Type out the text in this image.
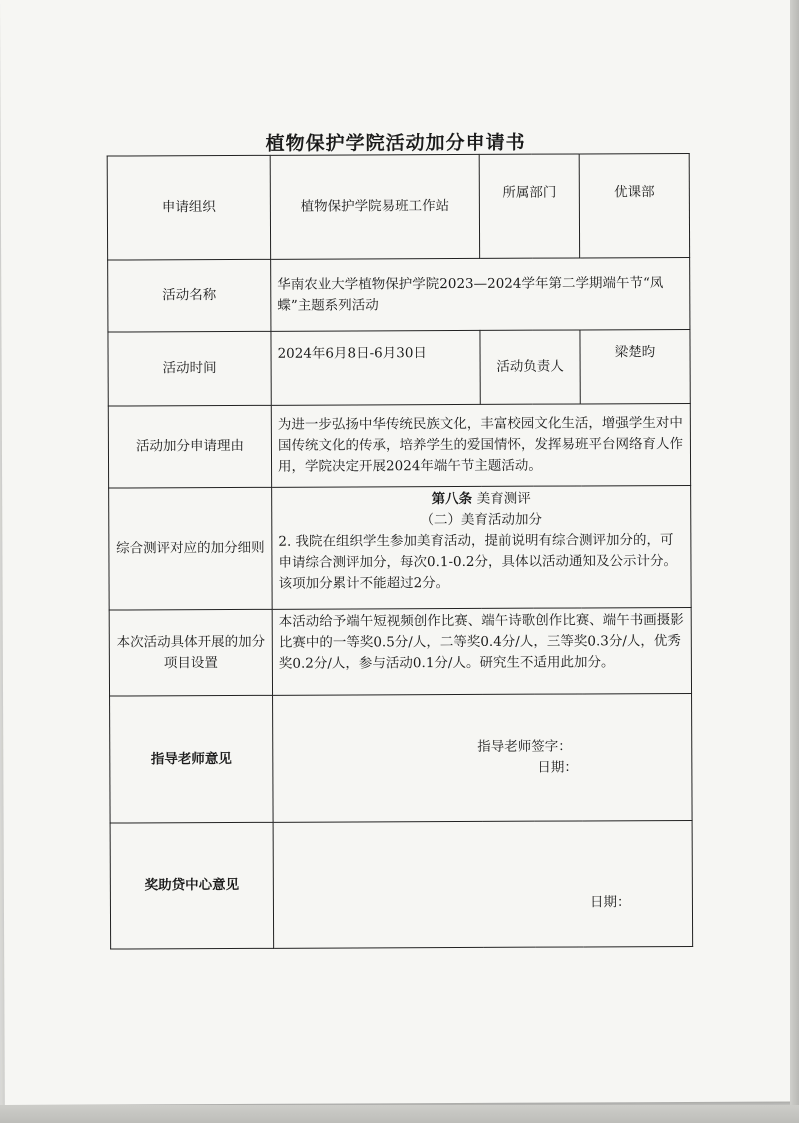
植物保护学院活动加分申请书
申请组织	植物保护学院易班工作站	所属部门	优课部
活动名称	华南农业大学植物保护学院2023—2024学年第二学期端午节“凤蝶”主题系列活动		
活动时间	2024年6月8日-6月30日	活动负责人	梁楚昀
活动加分申请理由	为进一步弘扬中华传统民族文化，丰富校园文化生活，增强学生对中国传统文化的传承，培养学生的爱国情怀，发挥易班平台网络育人作用，学院决定开展2024年端午节主题活动。		
综合测评对应的加分细则	第八条 美育测评
（二）美育活动加分
2. 我院在组织学生参加美育活动，提前说明有综合测评加分的，可申请综合测评加分，每次0.1-0.2分，具体以活动通知及公示计分。该项加分累计不能超过2分。		

本次活动具体开展的加分项目设置	本活动给予端午短视频创作比赛、端午诗歌创作比赛、端午书画摄影比赛中的一等奖0.5分/人，二等奖0.4分/人，三等奖0.3分/人，优秀奖0.2分/人，参与活动0.1分/人。研究生不适用此加分。		
指导老师意见	指导老师签字：
日期：		

奖助贷中心意见	日期：		
